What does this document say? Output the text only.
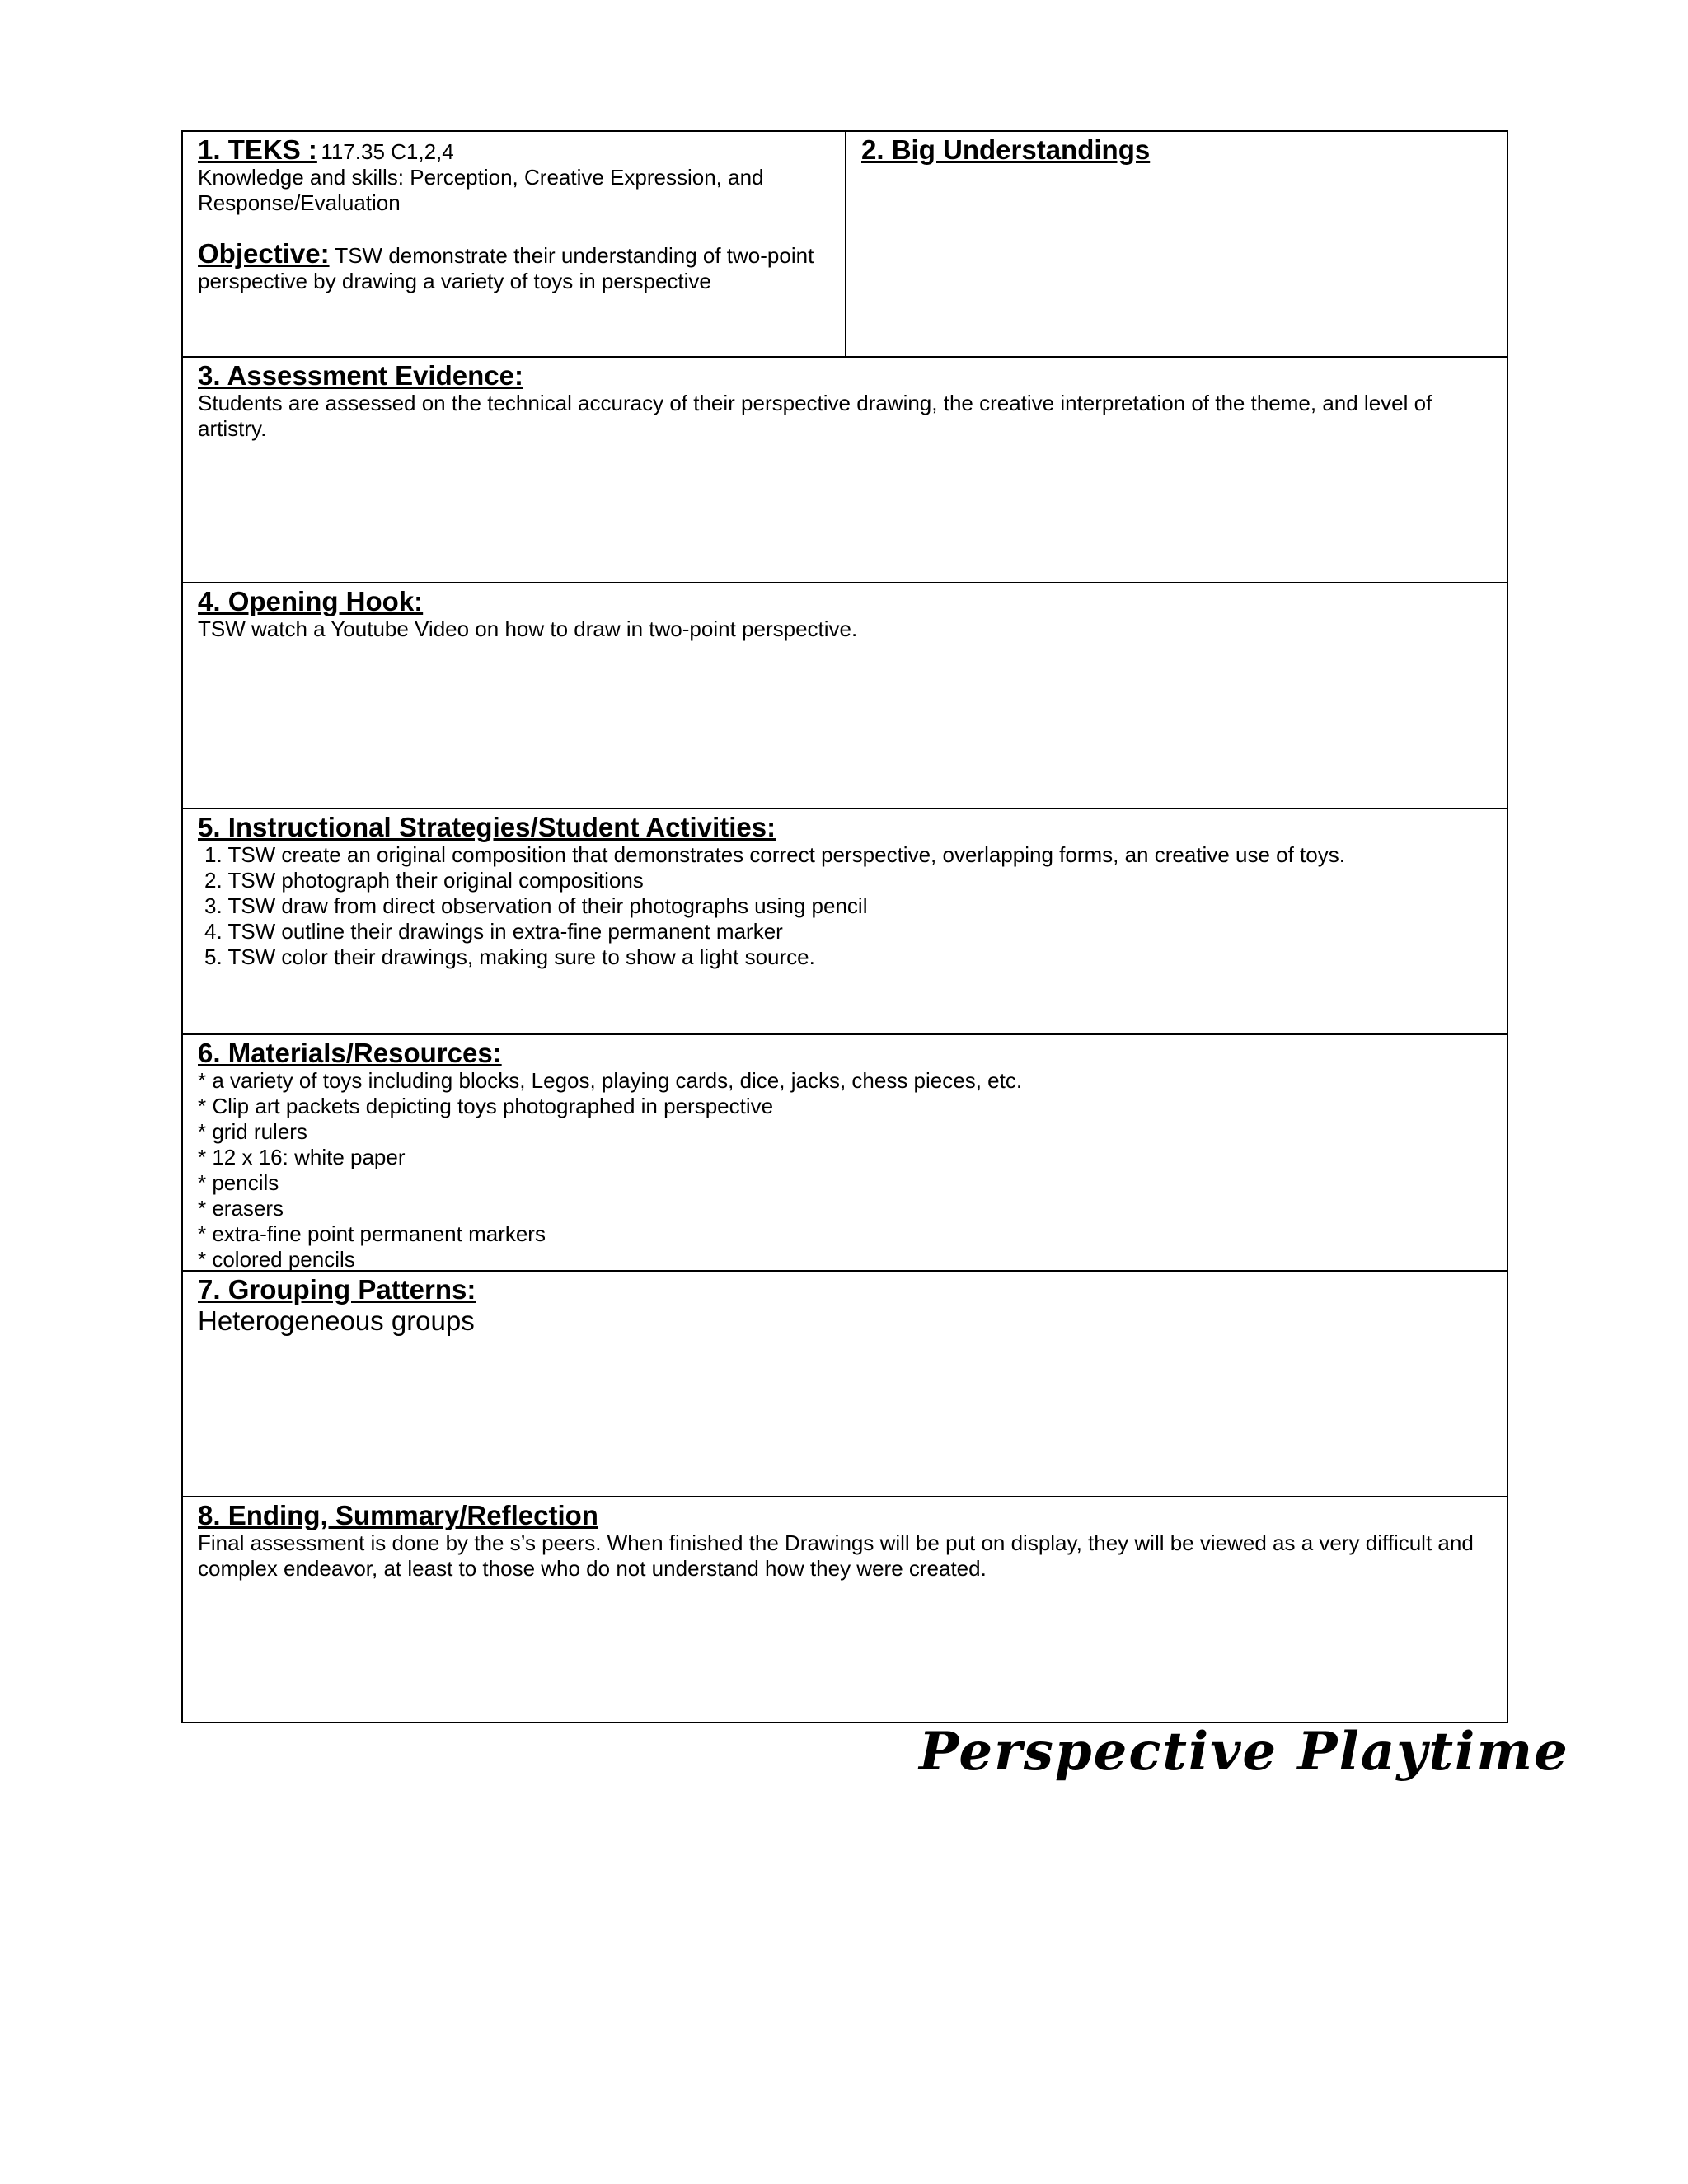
1. TEKS : 117.35 C1,2,4
Knowledge and skills: Perception, Creative Expression, and Response/Evaluation
Objective: TSW demonstrate their understanding of two-point perspective by drawing a variety of toys in perspective
2. Big Understandings
3. Assessment Evidence:
Students are assessed on the technical accuracy of their perspective drawing, the creative interpretation of the theme, and level of artistry.
4. Opening Hook:
TSW watch a Youtube Video on how to draw in two-point perspective.
5. Instructional Strategies/Student Activities:
1. TSW create an original composition that demonstrates correct perspective, overlapping forms, an creative use of toys.
2. TSW photograph their original compositions
3. TSW draw from direct observation of their photographs using pencil
4. TSW outline their drawings in extra-fine permanent marker
5. TSW color their drawings, making sure to show a light source.
6. Materials/Resources:
* a variety of toys including blocks, Legos, playing cards, dice, jacks, chess pieces, etc.
* Clip art packets depicting toys photographed in perspective
* grid rulers
* 12 x 16: white paper
* pencils
* erasers
* extra-fine point permanent markers
* colored pencils
7. Grouping Patterns:
Heterogeneous groups
8. Ending, Summary/Reflection
Final assessment is done by the s’s peers. When finished the Drawings will be put on display, they will be viewed as a very difficult and complex endeavor, at least to those who do not understand how they were created.
Perspective Playtime
